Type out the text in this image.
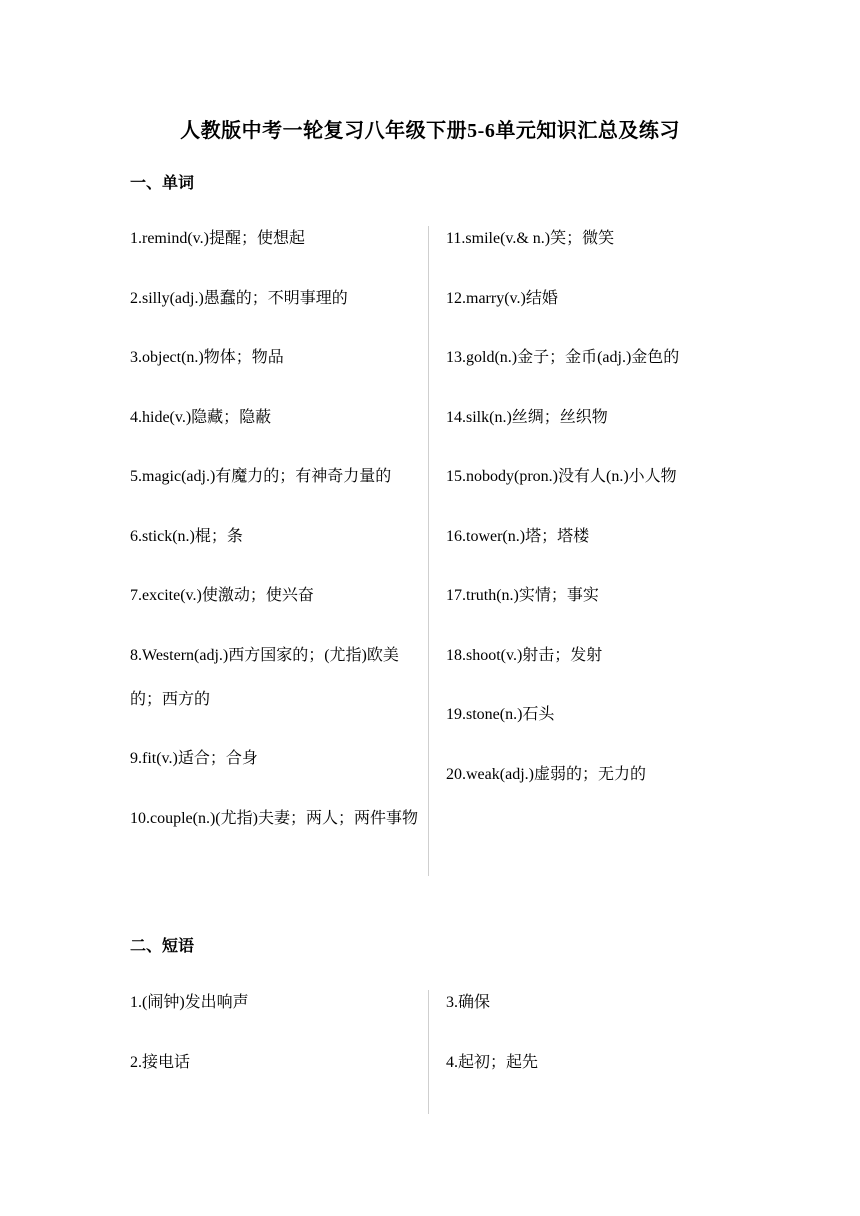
人教版中考一轮复习八年级下册5-6单元知识汇总及练习
一、单词
1.remind(v.)提醒；使想起
2.silly(adj.)愚蠢的；不明事理的
3.object(n.)物体；物品
4.hide(v.)隐藏；隐蔽
5.magic(adj.)有魔力的；有神奇力量的
6.stick(n.)棍；条
7.excite(v.)使激动；使兴奋
8.Western(adj.)西方国家的；(尤指)欧美的；西方的
9.fit(v.)适合；合身
10.couple(n.)(尤指)夫妻；两人；两件事物
11.smile(v.& n.)笑；微笑
12.marry(v.)结婚
13.gold(n.)金子；金币(adj.)金色的
14.silk(n.)丝绸；丝织物
15.nobody(pron.)没有人(n.)小人物
16.tower(n.)塔；塔楼
17.truth(n.)实情；事实
18.shoot(v.)射击；发射
19.stone(n.)石头
20.weak(adj.)虚弱的；无力的
二、短语
1.(闹钟)发出响声
2.接电话
3.确保
4.起初；起先
